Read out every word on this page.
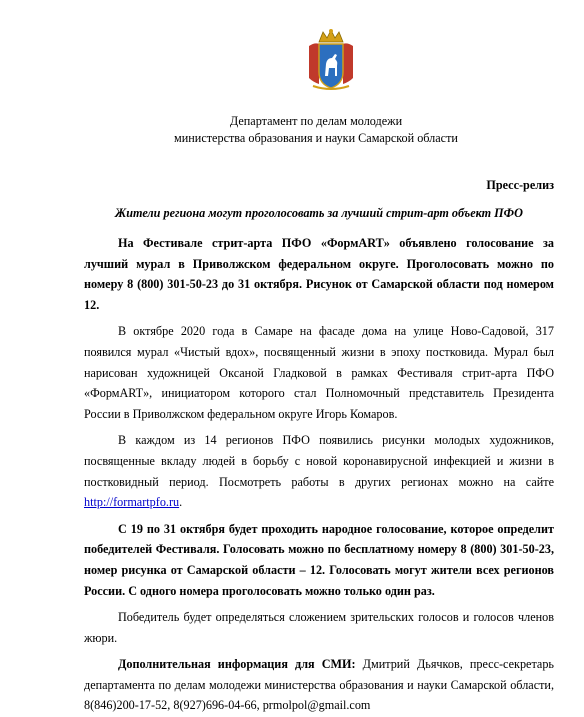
Департамент по делам молодежи
министерства образования и науки Самарской области
Пресс-релиз
Жители региона могут проголосовать за лучший стрит-арт объект ПФО

На Фестивале стрит-арта ПФО «ФормART» объявлено голосование за лучший мурал в Приволжском федеральном округе. Проголосовать можно по номеру 8 (800) 301-50-23 до 31 октября. Рисунок от Самарской области под номером 12.

В октябре 2020 года в Самаре на фасаде дома на улице Ново-Садовой, 317 появился мурал «Чистый вдох», посвященный жизни в эпоху постковида. Мурал был нарисован художницей Оксаной Гладковой в рамках Фестиваля стрит-арта ПФО «ФормART», инициатором которого стал Полномочный представитель Президента России в Приволжском федеральном округе Игорь Комаров.

В каждом из 14 регионов ПФО появились рисунки молодых художников, посвященные вкладу людей в борьбу с новой коронавирусной инфекцией и жизни в постковидный период. Посмотреть работы в других регионах можно на сайте http://formartpfo.ru.

С 19 по 31 октября будет проходить народное голосование, которое определит победителей Фестиваля. Голосовать можно по бесплатному номеру 8 (800) 301-50-23, номер рисунка от Самарской области – 12. Голосовать могут жители всех регионов России. С одного номера проголосовать можно только один раз.

Победитель будет определяться сложением зрительских голосов и голосов членов жюри.

Дополнительная информация для СМИ: Дмитрий Дьячков, пресс-секретарь департамента по делам молодежи министерства образования и науки Самарской области, 8(846)200-17-52, 8(927)696-04-66, prmolpol@gmail.com
